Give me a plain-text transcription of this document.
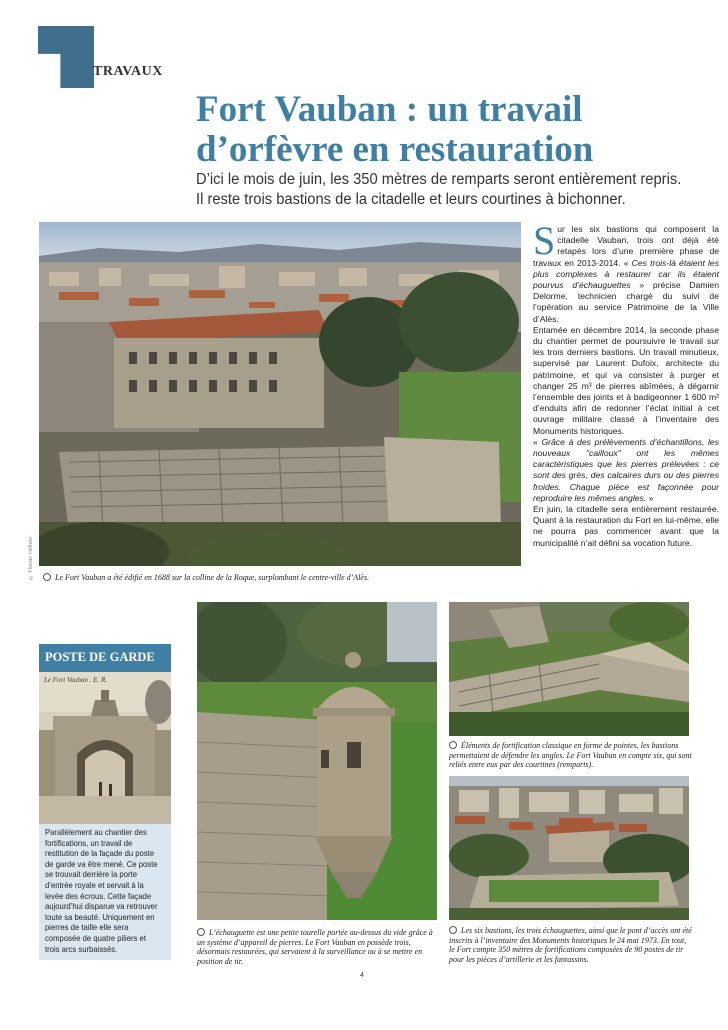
TRAVAUX
Fort Vauban : un travail
d’orfèvre en restauration
D’ici le mois de juin, les 350 mètres de remparts seront entièrement repris.
Il reste trois bastions de la citadelle et leurs courtines à bichonner.
© Florian Hellebr

Sur les six bastions qui composent la citadelle Vauban, trois ont déjà été retapés lors d’une première phase de travaux en 2013-2014. « Ces trois-là étaient les plus complexes à restaurer car ils étaient pourvus d’échauguettes » précise Damien Delorme, technicien chargé du suivi de l’opération au service Patrimoine de la Ville d’Alès.

Entamée en décembre 2014, la seconde phase du chantier permet de poursuivre le travail sur les trois derniers bastions. Un travail minutieux, supervisé par Laurent Dufoix, architecte du patrimoine, et qui va consister à purger et changer 25 m³ de pierres abîmées, à dégarnir l’ensemble des joints et à badigeonner 1 600 m² d’enduits afin de redonner l’éclat initial à cet ouvrage militaire classé à l’inventaire des Monuments historiques.

« Grâce à des prélèvements d’échantillons, les nouveaux "cailloux" ont les mêmes caractéristiques que les pierres prélevées : ce sont des grès, des calcaires durs ou des pierres froides. Chaque pièce est façonnée pour reproduire les mêmes angles. »

En juin, la citadelle sera entièrement restaurée. Quant à la restauration du Fort en lui-même, elle ne pourra pas commencer avant que la municipalité n’ait défini sa vocation future.

Le Fort Vauban a été édifié en 1688 sur la colline de la Roque, surplombant le centre-ville d’Alès.
POSTE DE GARDE
Le Fort Vauban . E. R.
Parallèlement au chantier des fortifications, un travail de restitution de la façade du poste de garde va être mené. Ce poste se trouvait derrière la porte d’entrée royale et servait à la levée des écrous. Cette façade aujourd’hui disparue va retrouver toute sa beauté. Uniquement en pierres de taille elle sera composée de quatre piliers et trois arcs surbaissés.
L’échauguette est une petite tourelle portée au-dessus du vide grâce à un système d’appareil de pierres. Le Fort Vauban en possède trois, désormais restaurées, qui servaient à la surveillance ou à se mettre en position de tir.
Éléments de fortification classique en forme de pointes, les bastions permettaient de défendre les angles. Le Fort Vauban en compte six, qui sont reliés entre eux par des courtines (remparts).
Les six bastions, les trois échauguettes, ainsi que le pont d’accès ont été inscrits à l’inventaire des Monuments historiques le 24 mai 1973. En tout, le Fort compte 350 mètres de fortifications composées de 90 postes de tir pour les pièces d’artillerie et les fantassins.
4
